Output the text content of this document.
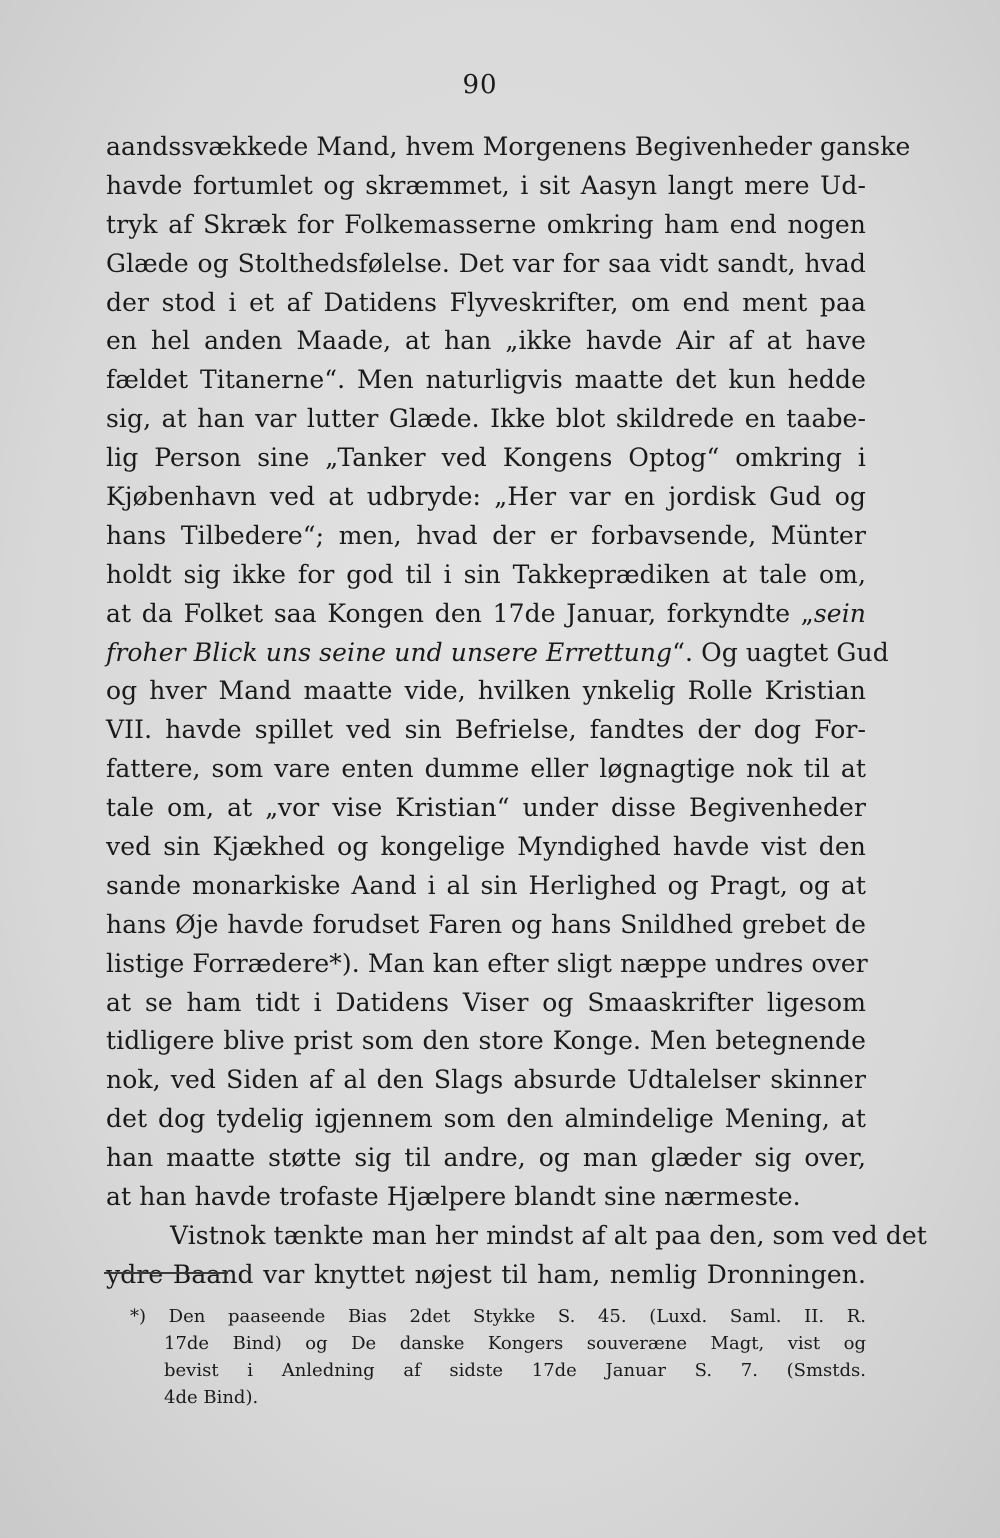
90
aandssvækkede Mand, hvem Morgenens Begivenheder ganske
havde fortumlet og skræmmet, i sit Aasyn langt mere Ud-
tryk af Skræk for Folkemasserne omkring ham end nogen
Glæde og Stolthedsfølelse. Det var for saa vidt sandt, hvad
der stod i et af Datidens Flyveskrifter, om end ment paa
en hel anden Maade, at han „ikke havde Air af at have
fældet Titanerne“. Men naturligvis maatte det kun hedde
sig, at han var lutter Glæde. Ikke blot skildrede en taabe-
lig Person sine „Tanker ved Kongens Optog“ omkring i
Kjøbenhavn ved at udbryde: „Her var en jordisk Gud og
hans Tilbedere“; men, hvad der er forbavsende, Münter
holdt sig ikke for god til i sin Takkeprædiken at tale om,
at da Folket saa Kongen den 17de Januar, forkyndte „sein
froher Blick uns seine und unsere Errettung“. Og uagtet Gud
og hver Mand maatte vide, hvilken ynkelig Rolle Kristian
VII. havde spillet ved sin Befrielse, fandtes der dog For-
fattere, som vare enten dumme eller løgnagtige nok til at
tale om, at „vor vise Kristian“ under disse Begivenheder
ved sin Kjækhed og kongelige Myndighed havde vist den
sande monarkiske Aand i al sin Herlighed og Pragt, og at
hans Øje havde forudset Faren og hans Snildhed grebet de
listige Forrædere*). Man kan efter sligt næppe undres over
at se ham tidt i Datidens Viser og Smaaskrifter ligesom
tidligere blive prist som den store Konge. Men betegnende
nok, ved Siden af al den Slags absurde Udtalelser skinner
det dog tydelig igjennem som den almindelige Mening, at
han maatte støtte sig til andre, og man glæder sig over,
at han havde trofaste Hjælpere blandt sine nærmeste.
Vistnok tænkte man her mindst af alt paa den, som ved det
ydre Baand var knyttet nøjest til ham, nemlig Dronningen.
*) Den paaseende Bias 2det Stykke S. 45. (Luxd. Saml. II. R.
17de Bind) og De danske Kongers souveræne Magt, vist og
bevist i Anledning af sidste 17de Januar S. 7. (Smstds.
4de Bind).
